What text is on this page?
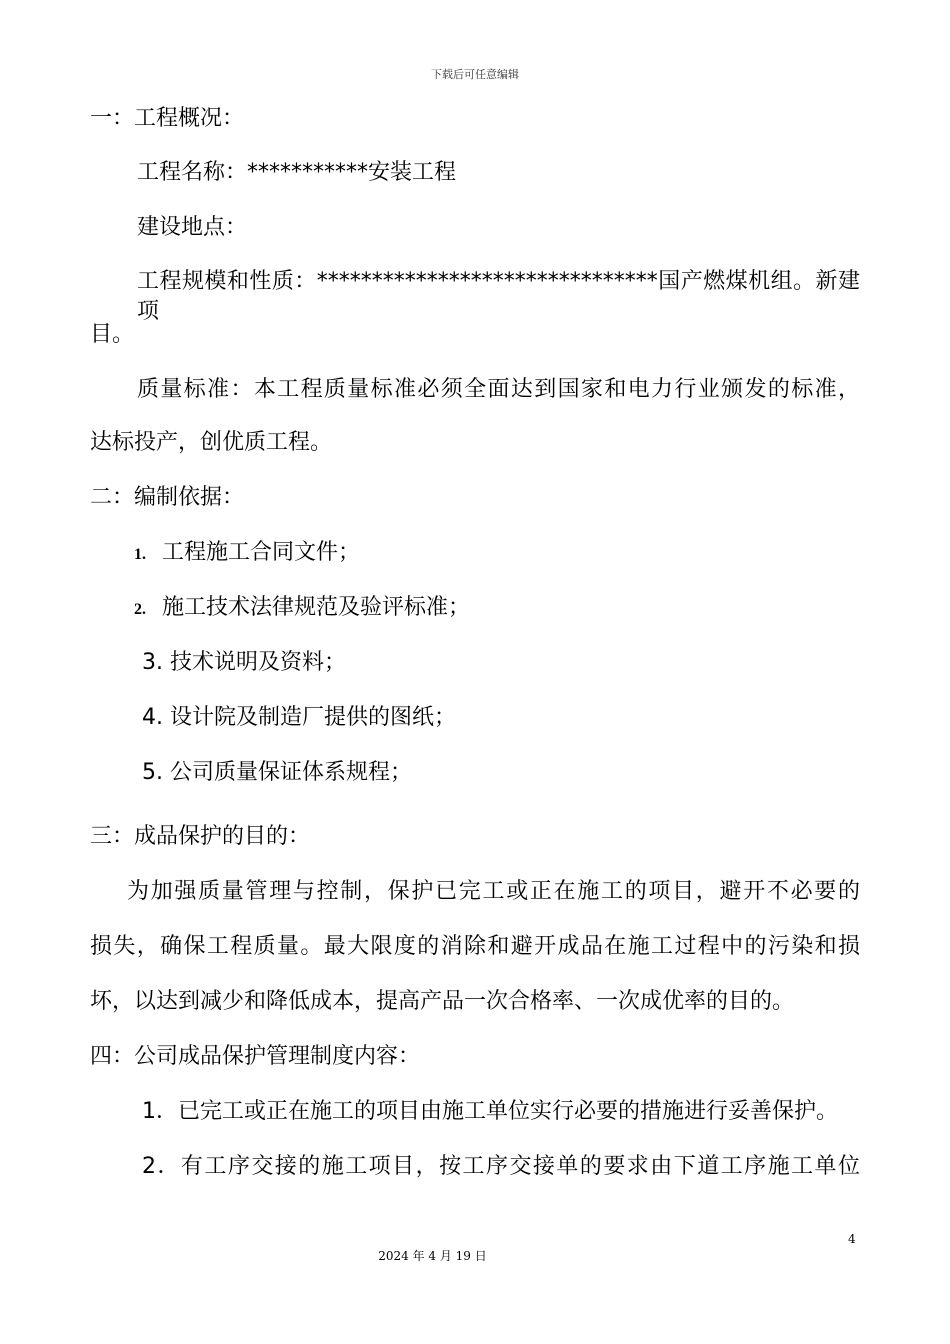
下载后可任意编辑
一：工程概况：
工程名称：***********安装工程
建设地点：
工程规模和性质：*******************************国产燃煤机组。新建项
目。
质量标准：本工程质量标准必须全面达到国家和电力行业颁发的标准，
达标投产，创优质工程。
二：编制依据：
1. 工程施工合同文件；
2. 施工技术法律规范及验评标准；
3. 技术说明及资料；
4. 设计院及制造厂提供的图纸；
5. 公司质量保证体系规程；
三：成品保护的目的：
为加强质量管理与控制，保护已完工或正在施工的项目，避开不必要的
损失，确保工程质量。最大限度的消除和避开成品在施工过程中的污染和损
坏，以达到减少和降低成本，提高产品一次合格率、一次成优率的目的。
四：公司成品保护管理制度内容：
1．已完工或正在施工的项目由施工单位实行必要的措施进行妥善保护。
2．有工序交接的施工项目，按工序交接单的要求由下道工序施工单位
4
2024 年 4 月 19 日
